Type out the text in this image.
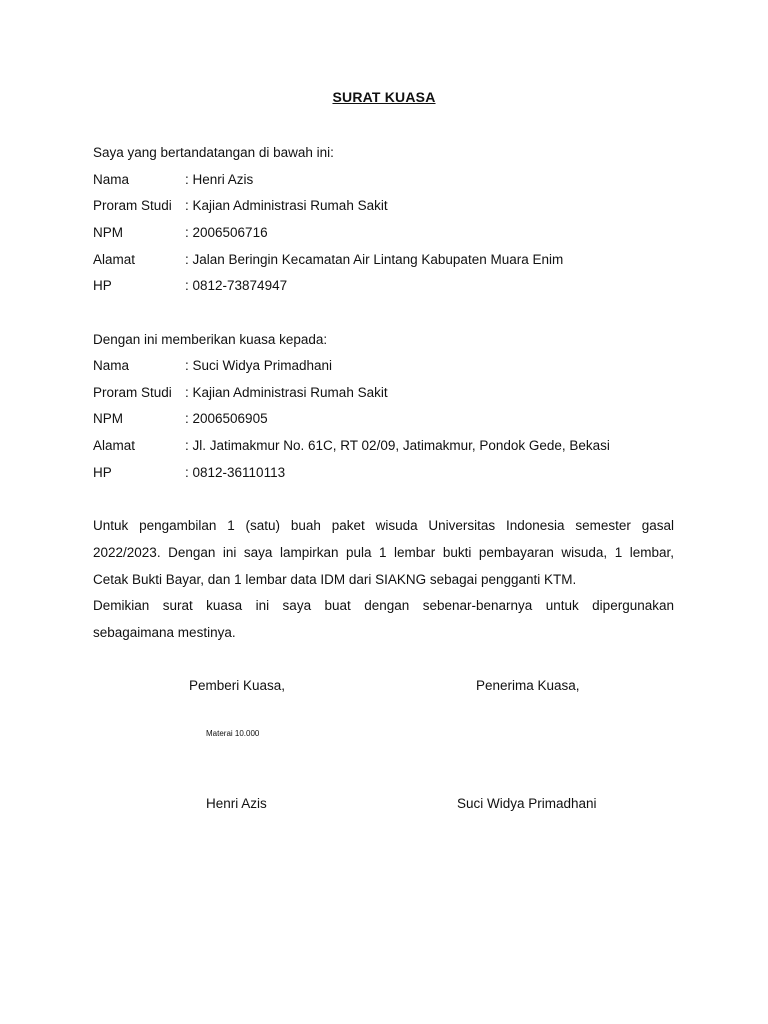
SURAT KUASA
Saya yang bertandatangan di bawah ini:
Nama	: Henri Azis
Proram Studi : Kajian Administrasi Rumah Sakit
NPM	: 2006506716
Alamat	: Jalan Beringin Kecamatan Air Lintang Kabupaten Muara Enim
HP	: 0812-73874947
Dengan ini memberikan kuasa kepada:
Nama	: Suci Widya Primadhani
Proram Studi : Kajian Administrasi Rumah Sakit
NPM	: 2006506905
Alamat	: Jl. Jatimakmur No. 61C, RT 02/09, Jatimakmur, Pondok Gede, Bekasi
HP	: 0812-36110113
Untuk pengambilan 1 (satu) buah paket wisuda Universitas Indonesia semester gasal
2022/2023. Dengan ini saya lampirkan pula 1 lembar bukti pembayaran wisuda, 1 lembar,
Cetak Bukti Bayar, dan 1 lembar data IDM dari SIAKNG sebagai pengganti KTM.
Demikian surat kuasa ini saya buat dengan sebenar-benarnya untuk dipergunakan
sebagaimana mestinya.
Pemberi Kuasa,	Penerima Kuasa,
Materai 10.000
Henri Azis	Suci Widya Primadhani
